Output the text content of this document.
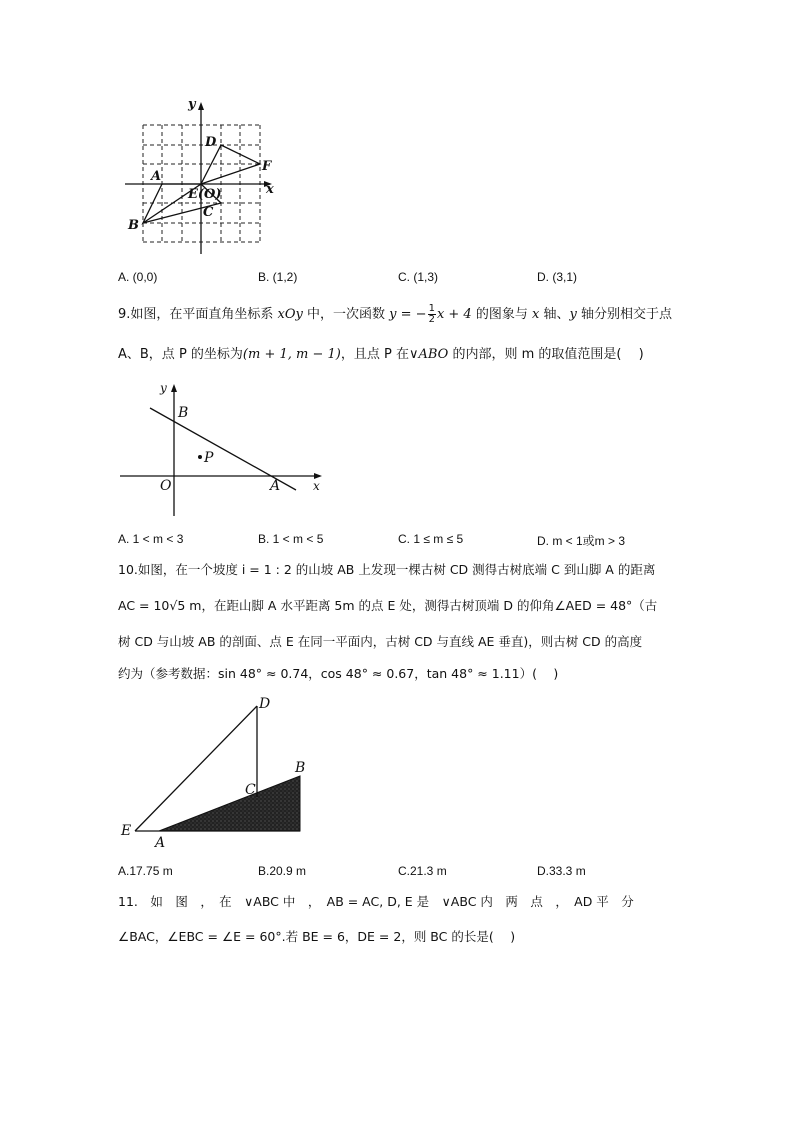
y
x
D
F
A
E(O)
C
B
A. (0,0)	B. (1,2)	C. (1,3)	D. (3,1)
9.如图，在平面直角坐标系 xOy 中，一次函数 y = − $\frac{1}{2}$ x + 4 的图象与 x 轴、y 轴分别相交于点
A、B，点 P 的坐标为(m + 1, m − 1)，且点 P 在∨ABO 的内部，则 m 的取值范围是(　 )
y
B
P
O	A	x
A. 1 < m < 3	B. 1 < m < 5	C. 1 ≤ m ≤ 5	D. m < 1或m > 3
10.如图，在一个坡度 i = 1 : 2 的山坡 AB 上发现一棵古树 CD 测得古树底端 C 到山脚 A 的距离
AC = 10√5 m，在距山脚 A 水平距离 5m 的点 E 处，测得古树顶端 D 的仰角∠AED = 48°（古
树 CD 与山坡 AB 的剖面、点 E 在同一平面内，古树 CD 与直线 AE 垂直)，则古树 CD 的高度
约为（参考数据：sin 48° ≈ 0.74，cos 48° ≈ 0.67，tan 48° ≈ 1.11）(　 )
D
B
C
E
A
A.17.75 m	B.20.9 m	C.21.3 m	D.33.3 m
11.　如　图　，　在　∨ABC 中　，　AB = AC, D, E 是　∨ABC 内　两　点　，　AD 平　分
∠BAC，∠EBC = ∠E = 60°.若 BE = 6，DE = 2，则 BC 的长是(　 )
